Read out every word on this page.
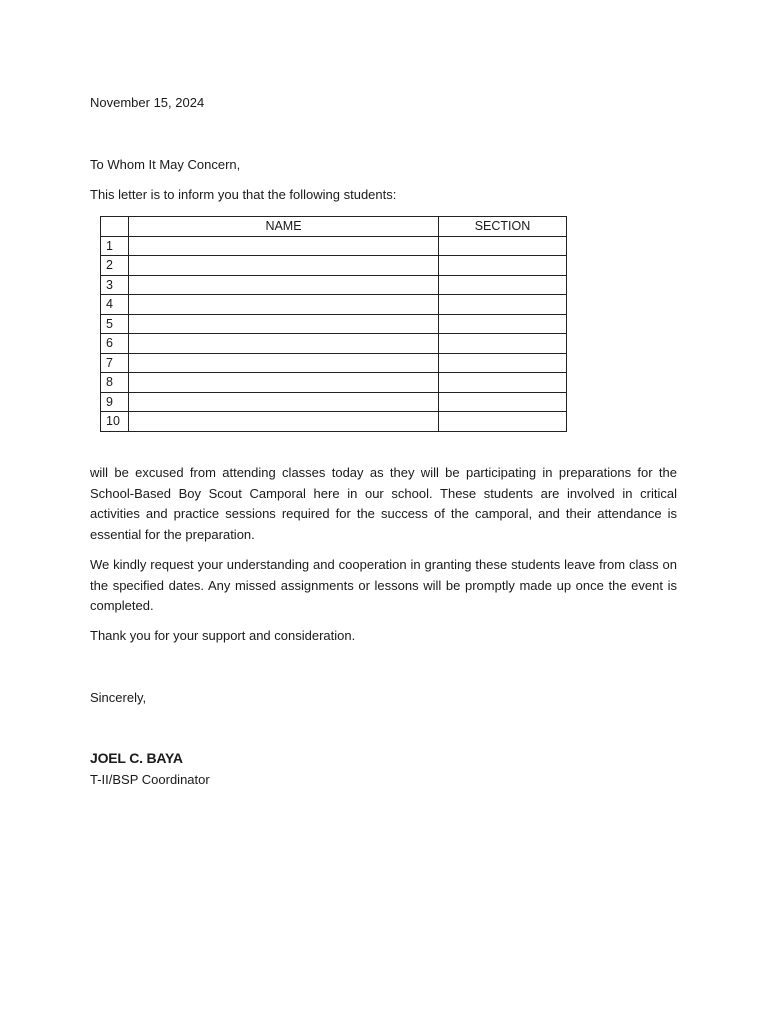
November 15, 2024

To Whom It May Concern,

This letter is to inform you that the following students:

	NAME	SECTION
1		
2		
3		
4		
5		
6		
7		
8		
9		
10		

will be excused from attending classes today as they will be participating in preparations for the School-Based Boy Scout Camporal here in our school. These students are involved in critical activities and practice sessions required for the success of the camporal, and their attendance is essential for the preparation.

We kindly request your understanding and cooperation in granting these students leave from class on the specified dates. Any missed assignments or lessons will be promptly made up once the event is completed.

Thank you for your support and consideration.

Sincerely,

JOEL C. BAYA

T-II/BSP Coordinator
